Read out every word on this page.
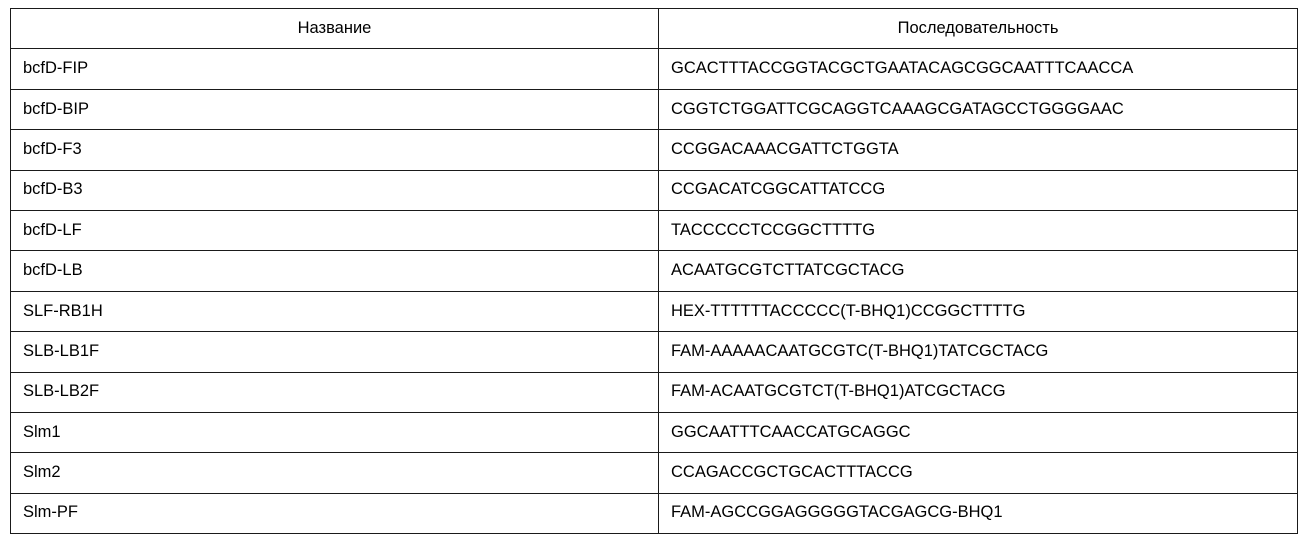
Название	Последовательность

bcfD-FIP	GCACTTTACCGGTACGCTGAATACAGCGGCAATTTCAACCA

bcfD-BIP	CGGTCTGGATTCGCAGGTCAAAGCGATAGCCTGGGGAAC

bcfD-F3	CCGGACAAACGATTCTGGTA

bcfD-B3	CCGACATCGGCATTATCCG

bcfD-LF	TACCCCCTCCGGCTTTTG

bcfD-LB	ACAATGCGTCTTATCGCTACG

SLF-RB1H	HEX-TTTTTTACCCCC(T-BHQ1)CCGGCTTTTG

SLB-LB1F	FAM-AAAAACAATGCGTC(T-BHQ1)TATCGCTACG

SLB-LB2F	FAM-ACAATGCGTCT(T-BHQ1)ATCGCTACG

Slm1	GGCAATTTCAACCATGCAGGC

Slm2	CCAGACCGCTGCACTTTACCG

Slm-PF	FAM-AGCCGGAGGGGGTACGAGCG-BHQ1
